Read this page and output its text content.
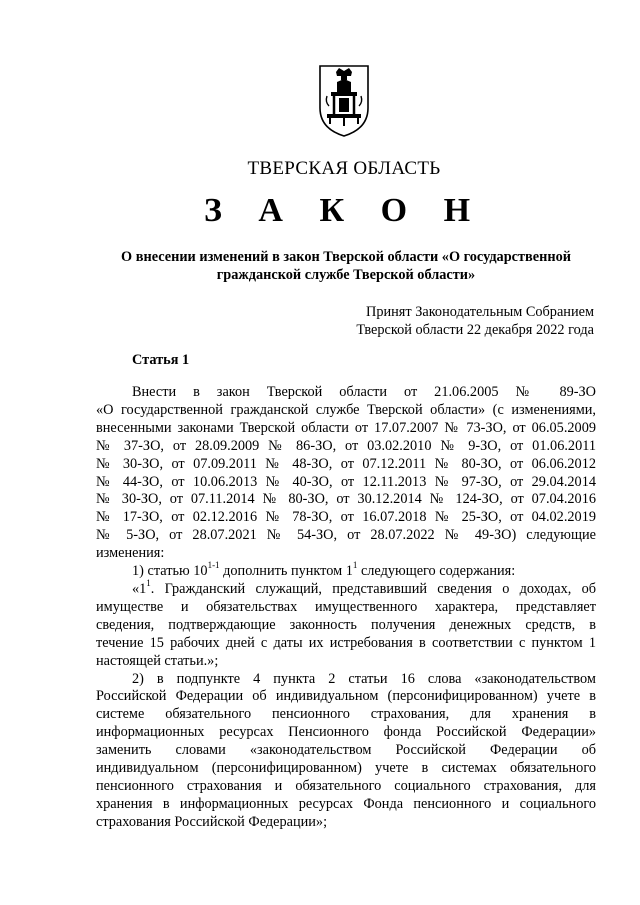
ТВЕРСКАЯ ОБЛАСТЬ
З А К О Н
О внесении изменений в закон Тверской области «О государственной
гражданской службе Тверской области»
Принят Законодательным Собранием
Тверской области 22 декабря 2022 года
Статья 1
Внести в закон Тверской области от 21.06.2005 № 89-ЗО
«О государственной гражданской службе Тверской области» (с изменениями,
внесенными законами Тверской области от 17.07.2007 № 73-ЗО, от 06.05.2009
№ 37-ЗО, от 28.09.2009 № 86-ЗО, от 03.02.2010 № 9-ЗО, от 01.06.2011
№ 30-ЗО, от 07.09.2011 № 48-ЗО, от 07.12.2011 № 80-ЗО, от 06.06.2012
№ 44-ЗО, от 10.06.2013 № 40-ЗО, от 12.11.2013 № 97-ЗО, от 29.04.2014
№ 30-ЗО, от 07.11.2014 № 80-ЗО, от 30.12.2014 № 124-ЗО, от 07.04.2016
№ 17-ЗО, от 02.12.2016 № 78-ЗО, от 16.07.2018 № 25-ЗО, от 04.02.2019
№ 5-ЗО, от 28.07.2021 № 54-ЗО, от 28.07.2022 № 49-ЗО) следующие
изменения:
1) статью 10$^{1-1}$ дополнить пунктом $1^1$ следующего содержания:
«$1^1$. Гражданский служащий, представивший сведения о доходах, об
имуществе и обязательствах имущественного характера, представляет
сведения, подтверждающие законность получения денежных средств, в
течение 15 рабочих дней с даты их истребования в соответствии с пунктом 1
настоящей статьи.»;
2) в подпункте 4 пункта 2 статьи 16 слова «законодательством
Российской Федерации об индивидуальном (персонифицированном) учете в
системе обязательного пенсионного страхования, для хранения в
информационных ресурсах Пенсионного фонда Российской Федерации»
заменить словами «законодательством Российской Федерации об
индивидуальном (персонифицированном) учете в системах обязательного
пенсионного страхования и обязательного социального страхования, для
хранения в информационных ресурсах Фонда пенсионного и социального
страхования Российской Федерации»;
